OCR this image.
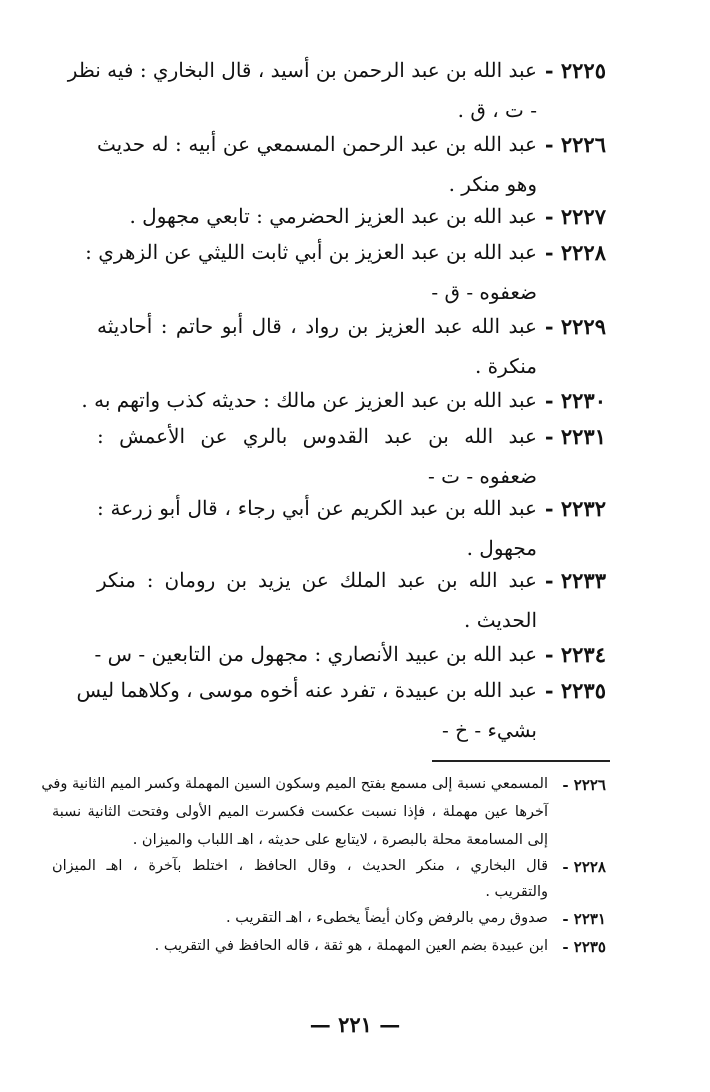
٢٢٢٥ -
عبد الله بن عبد الرحمن بن أسيد ، قال البخاري : فيه نظر
- ت ، ق .
٢٢٢٦ -
عبد الله بن عبد الرحمن المسمعي عن أبيه : له حديث
وهو منكر .
٢٢٢٧ -
عبد الله بن عبد العزيز الحضرمي : تابعي مجهول .
٢٢٢٨ -
عبد الله بن عبد العزيز بن أبي ثابت الليثي عن الزهري :
ضعفوه - ق -
٢٢٢٩ -
عبد الله عبد العزيز بن رواد ، قال أبو حاتم : أحاديثه
منكرة .
٢٢٣٠ -
عبد الله بن عبد العزيز عن مالك : حديثه كذب واتهم به .
٢٢٣١ -
عبد الله بن عبد القدوس بالري عن الأعمش :
ضعفوه - ت -
٢٢٣٢ -
عبد الله بن عبد الكريم عن أبي رجاء ، قال أبو زرعة :
مجهول .
٢٢٣٣ -
عبد الله بن عبد الملك عن يزيد بن رومان : منكر
الحديث .
٢٢٣٤ -
عبد الله بن عبيد الأنصاري : مجهول من التابعين - س -
٢٢٣٥ -
عبد الله بن عبيدة ، تفرد عنه أخوه موسى ، وكلاهما ليس
بشيء - خ -
٢٢٢٦ -
المسمعي نسبة إلى مسمع بفتح الميم وسكون السين المهملة وكسر الميم الثانية وفي
آخرها عين مهملة ، فإذا نسبت عكست فكسرت الميم الأولى وفتحت الثانية نسبة
إلى المسامعة محلة بالبصرة ، لايتابع على حديثه ، اهـ اللباب والميزان .
٢٢٢٨ -
قال البخاري ، منكر الحديث ، وقال الحافظ ، اختلط بآخرة ، اهـ الميزان
والتقريب .
٢٢٣١ -
صدوق رمي بالرفض وكان أيضاً يخطىء ، اهـ التقريب .
٢٢٣٥ -
ابن عبيدة بضم العين المهملة ، هو ثقة ، قاله الحافظ في التقريب .
— ٢٢١ —
